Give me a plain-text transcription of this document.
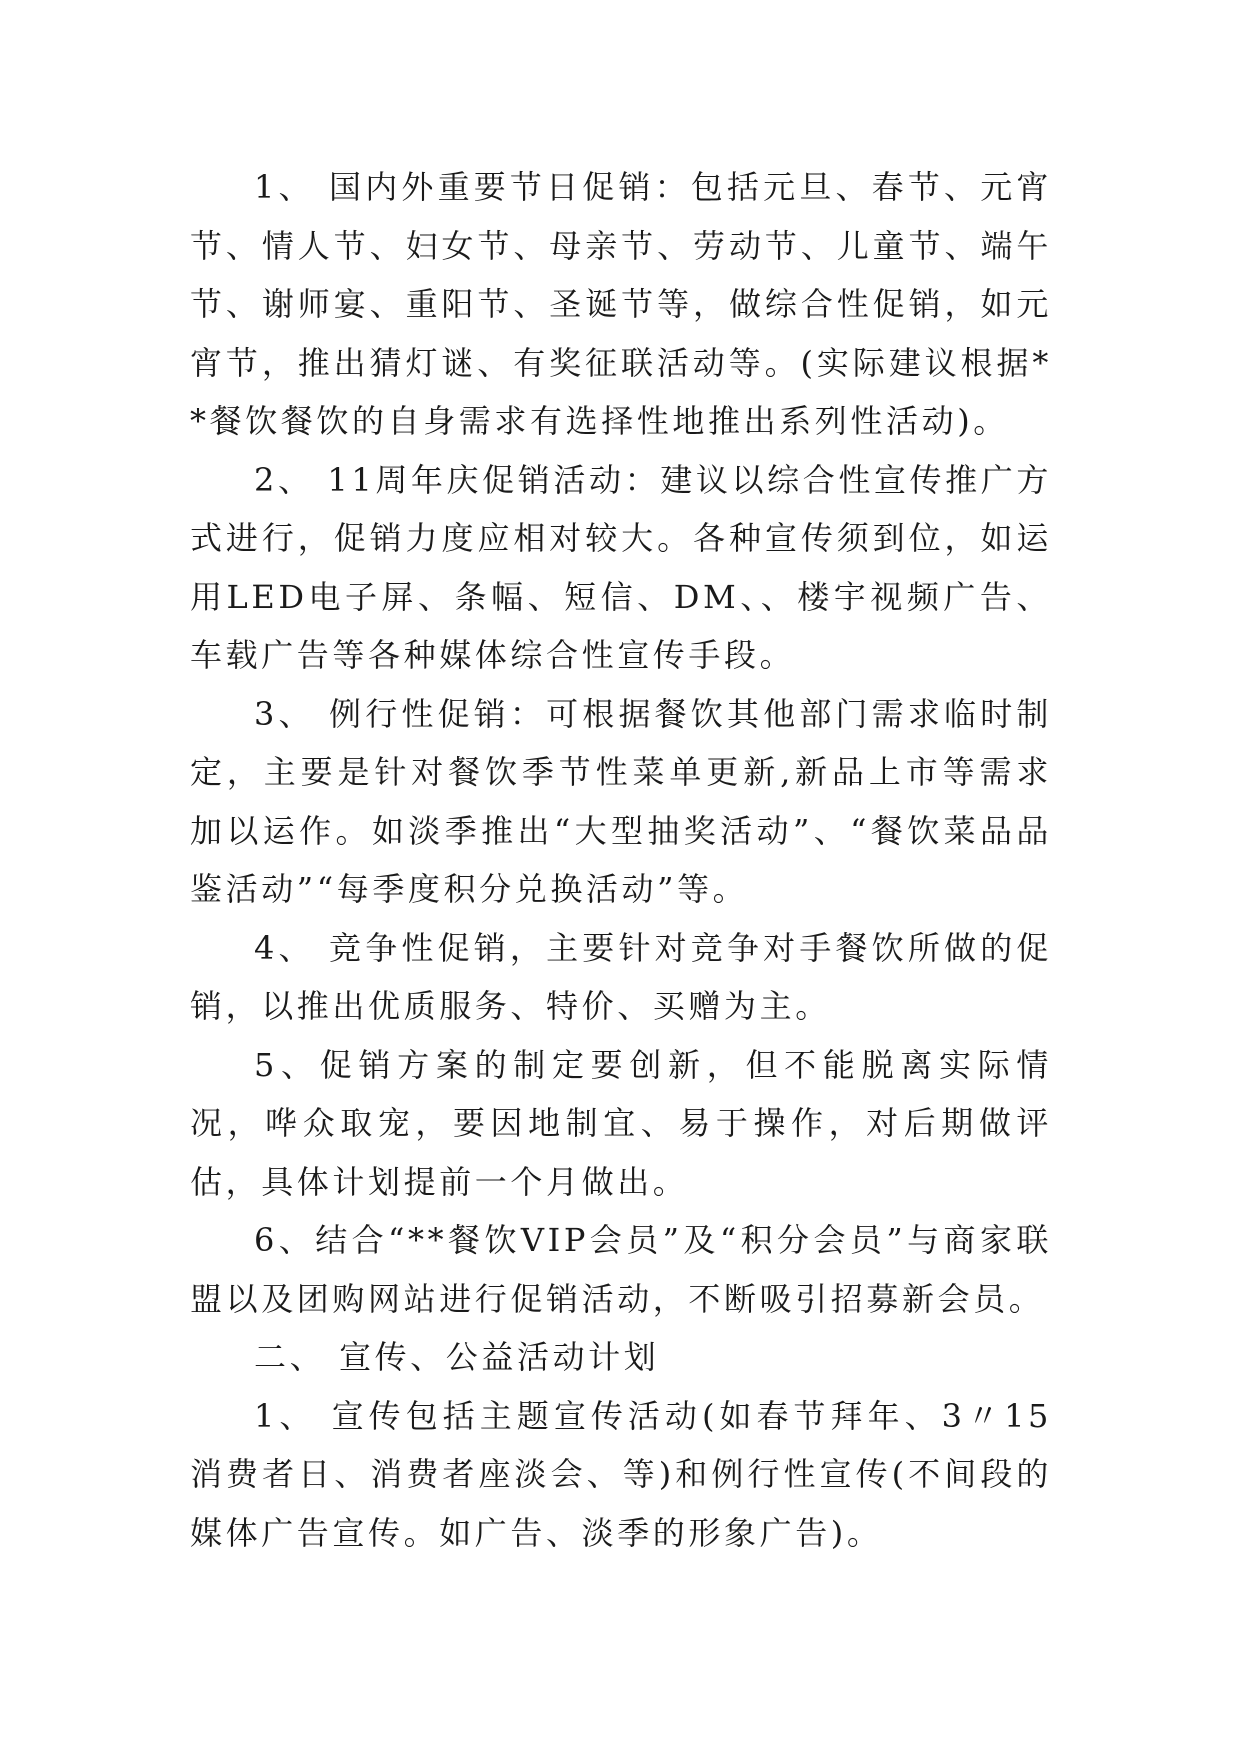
1、 国内外重要节日促销：包括元旦、春节、元宵节、情人节、妇女节、母亲节、劳动节、儿童节、端午节、谢师宴、重阳节、圣诞节等，做综合性促销，如元宵节，推出猜灯谜、有奖征联活动等。(实际建议根据**餐饮餐饮的自身需求有选择性地推出系列性活动)。

2、 11周年庆促销活动：建议以综合性宣传推广方式进行，促销力度应相对较大。各种宣传须到位，如运用LED电子屏、条幅、短信、DM、、楼宇视频广告、车载广告等各种媒体综合性宣传手段。

3、 例行性促销：可根据餐饮其他部门需求临时制定，主要是针对餐饮季节性菜单更新,新品上市等需求加以运作。如淡季推出“大型抽奖活动”、“餐饮菜品品鉴活动”“每季度积分兑换活动”等。

4、 竞争性促销，主要针对竞争对手餐饮所做的促销，以推出优质服务、特价、买赠为主。

5、促销方案的制定要创新，但不能脱离实际情况，哗众取宠，要因地制宜、易于操作，对后期做评估，具体计划提前一个月做出。

6、结合“**餐饮VIP会员”及“积分会员”与商家联盟以及团购网站进行促销活动，不断吸引招募新会员。

二、 宣传、公益活动计划

1、 宣传包括主题宣传活动(如春节拜年、3〃15消费者日、消费者座淡会、等)和例行性宣传(不间段的媒体广告宣传。如广告、淡季的形象广告)。
